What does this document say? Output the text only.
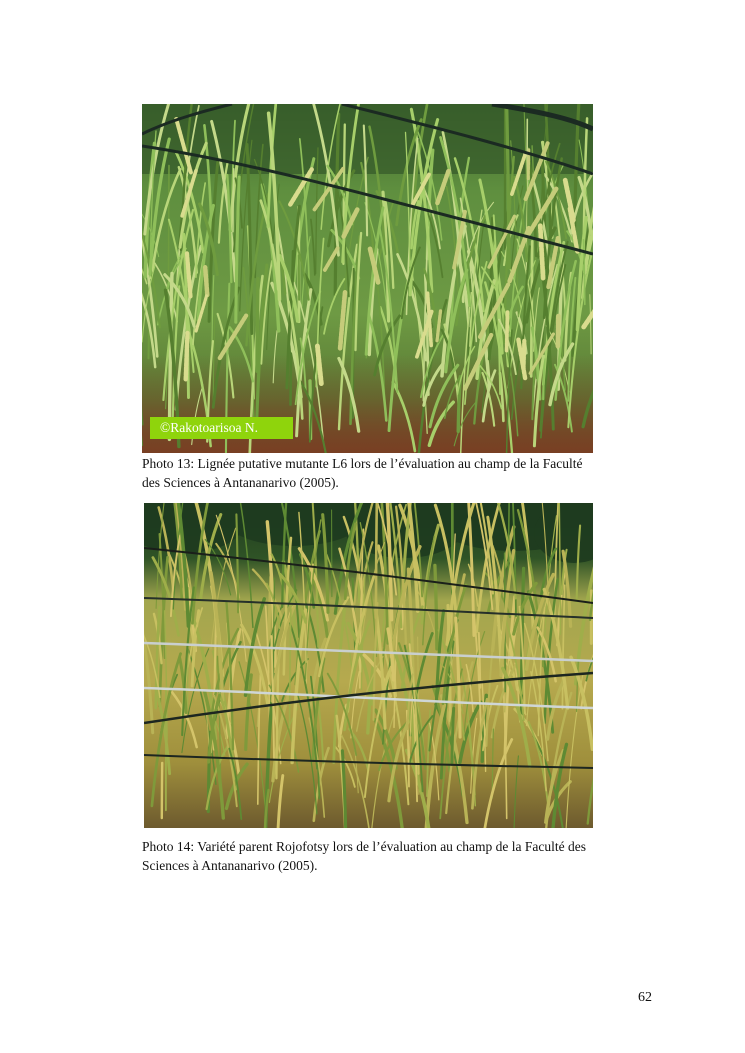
©Rakotoarisoa N.
Photo 13: Lignée putative mutante L6 lors de l’évaluation au champ de la Faculté des Sciences à Antananarivo (2005).
Photo 14: Variété parent Rojofotsy lors de l’évaluation au champ de la Faculté des Sciences à Antananarivo (2005).
62
